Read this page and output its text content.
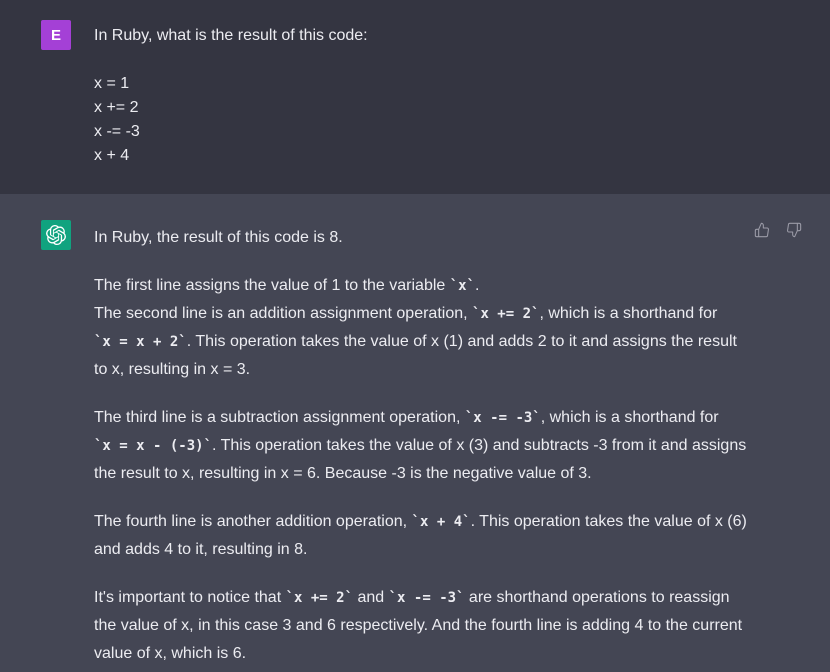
E In Ruby, what is the result of this code:
x = 1
x += 2
x -= -3
x + 4
In Ruby, the result of this code is 8.

The first line assigns the value of 1 to the variable `x`.

The second line is an addition assignment operation, `x += 2`, which is a shorthand for `x = x + 2`. This operation takes the value of x (1) and adds 2 to it and assigns the result to x, resulting in x = 3.

The third line is a subtraction assignment operation, `x -= -3`, which is a shorthand for `x = x - (-3)`. This operation takes the value of x (3) and subtracts -3 from it and assigns the result to x, resulting in x = 6. Because -3 is the negative value of 3.

The fourth line is another addition operation, `x + 4`. This operation takes the value of x (6) and adds 4 to it, resulting in 8.

It's important to notice that `x += 2` and `x -= -3` are shorthand operations to reassign the value of x, in this case 3 and 6 respectively. And the fourth line is adding 4 to the current value of x, which is 6.
